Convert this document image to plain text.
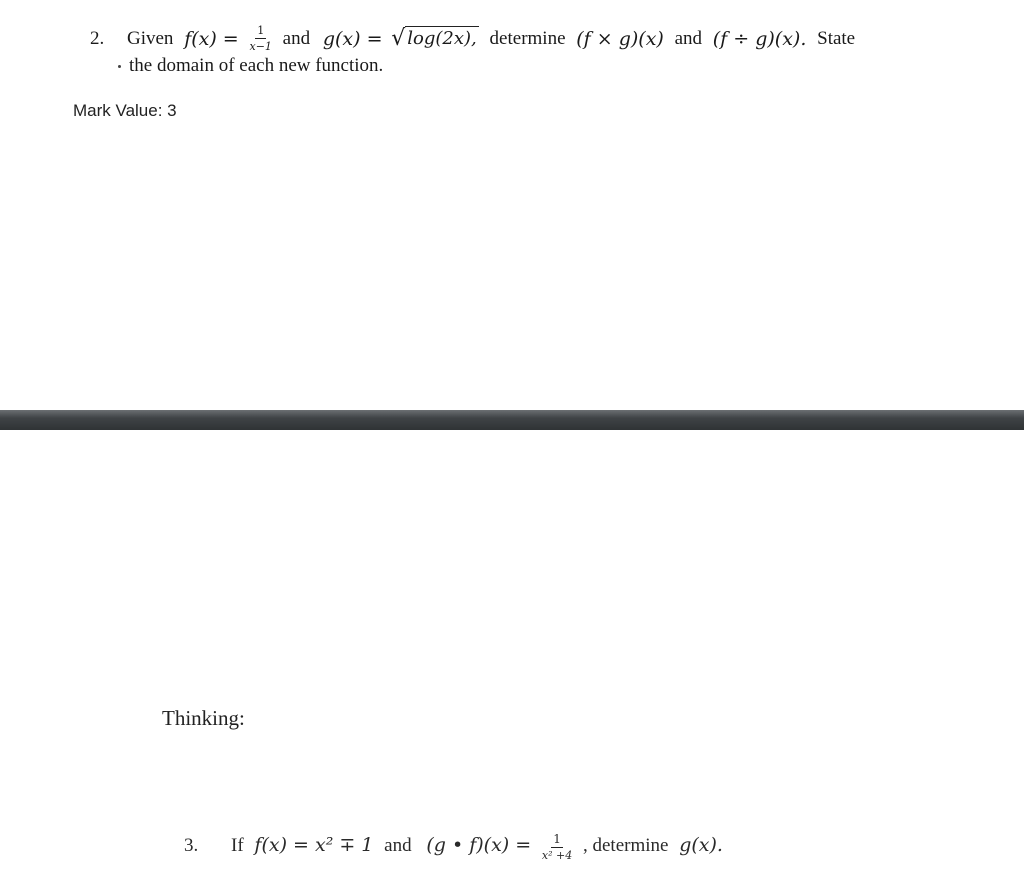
2. Given $f(x) = \frac{1}{x-1}$ and g(x) = √ log(2x), determine (f × g)(x) and (f ÷ g)(x). State
the domain of each new function.
Mark Value: 3
Thinking:
3. If f(x) = x² ∓ 1 and (g • $f)(x) = \frac{1}{\text{x² +4}}$ , determine g(x).
